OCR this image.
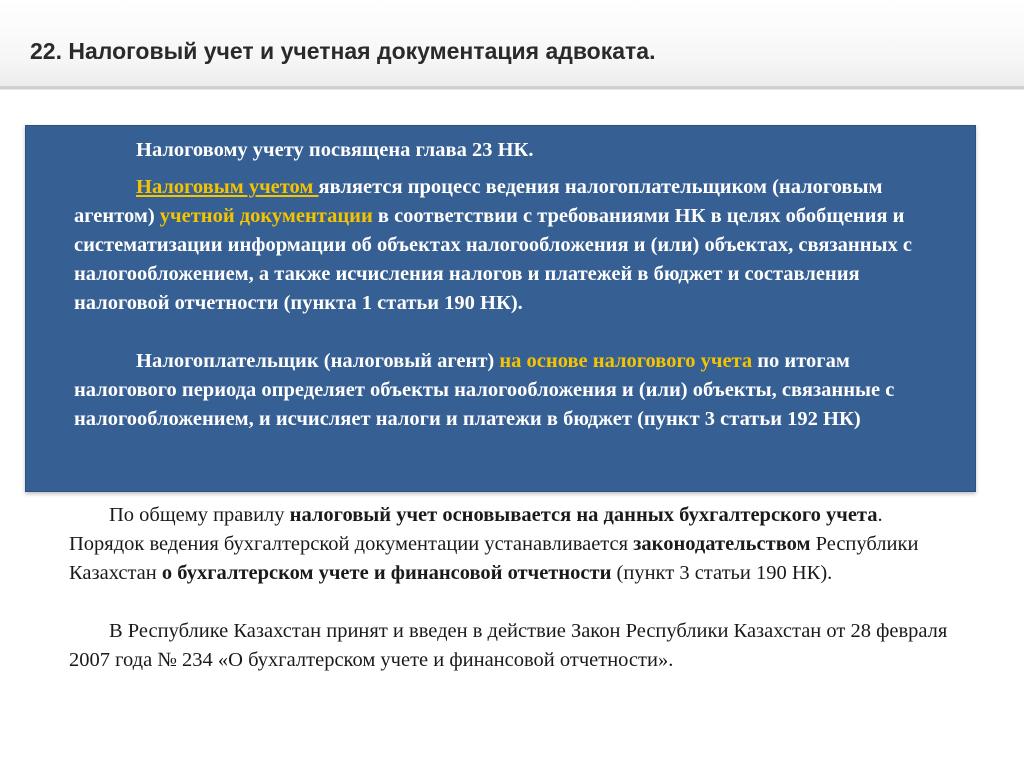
22. Налоговый учет и учетная документация адвоката.

Налоговому учету посвящена глава 23 НК.

Налоговым учетом является процесс ведения налогоплательщиком (налоговым агентом) учетной документации в соответствии с требованиями НК в целях обобщения и систематизации информации об объектах налогообложения и (или) объектах, связанных с налогообложением, а также исчисления налогов и платежей в бюджет и составления налоговой отчетности (пункта 1 статьи 190 НК).

Налогоплательщик (налоговый агент) на основе налогового учета по итогам налогового периода определяет объекты налогообложения и (или) объекты, связанные с налогообложением, и исчисляет налоги и платежи в бюджет (пункт 3 статьи 192 НК)

По общему правилу налоговый учет основывается на данных бухгалтерского учета. Порядок ведения бухгалтерской документации устанавливается законодательством Республики Казахстан о бухгалтерском учете и финансовой отчетности (пункт 3 статьи 190 НК).

В Республике Казахстан принят и введен в действие Закон Республики Казахстан от 28 февраля 2007 года № 234 «О бухгалтерском учете и финансовой отчетности».
